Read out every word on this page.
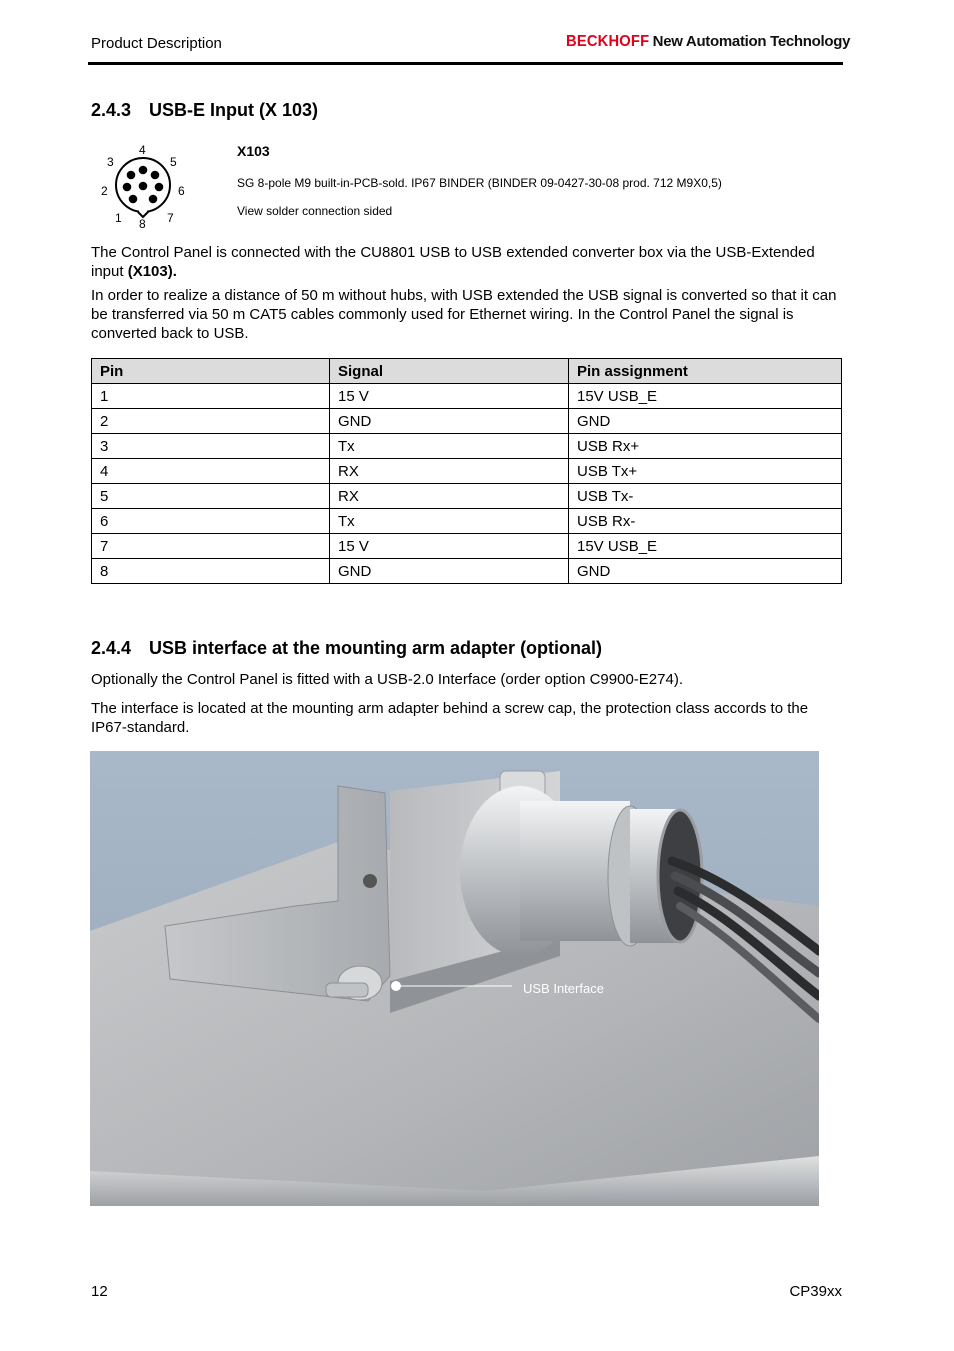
Product Description	BECKHOFF New Automation Technology
2.4.3 USB-E Input (X 103)
1
2
3
4
5
6
7
8
X103
SG 8-pole M9 built-in-PCB-sold. IP67 BINDER (BINDER 09-0427-30-08 prod. 712 M9X0,5)
View solder connection sided

The Control Panel is connected with the CU8801 USB to USB extended converter box via the USB-Extended input (X103).

In order to realize a distance of 50 m without hubs, with USB extended the USB signal is converted so that it can be transferred via 50 m CAT5 cables commonly used for Ethernet wiring. In the Control Panel the signal is converted back to USB.

Pin	Signal	Pin assignment
1	15 V	15V USB_E
2	GND	GND
3	Tx	USB Rx+
4	RX	USB Tx+
5	RX	USB Tx-
6	Tx	USB Rx-
7	15 V	15V USB_E
8	GND	GND
2.4.4 USB interface at the mounting arm adapter (optional)

Optionally the Control Panel is fitted with a USB-2.0 Interface (order option C9900-E274).

The interface is located at the mounting arm adapter behind a screw cap, the protection class accords to the IP67-standard.

USB Interface
12	CP39xx
